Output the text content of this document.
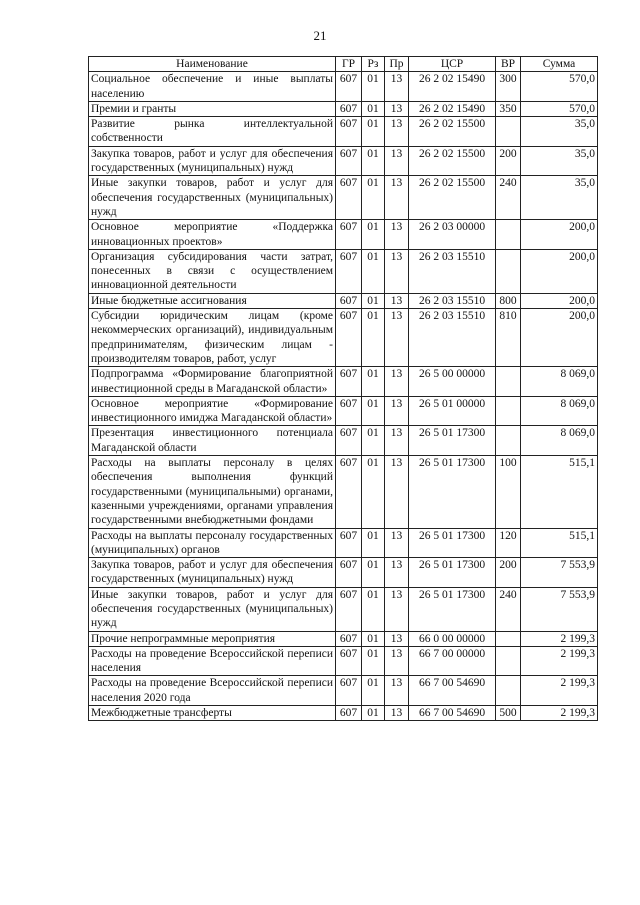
21
Наименование	ГР	Рз	Пр	ЦСР	ВР	Сумма
Социальное обеспечение и иные выплаты населению	607	01	13	26 2 02 15490	300	570,0
Премии и гранты	607	01	13	26 2 02 15490	350	570,0
Развитие рынка интеллектуальной собственности	607	01	13	26 2 02 15500		35,0
Закупка товаров, работ и услуг для обеспечения государственных (муниципальных) нужд	607	01	13	26 2 02 15500	200	35,0
Иные закупки товаров, работ и услуг для обеспечения государственных (муниципальных) нужд	607	01	13	26 2 02 15500	240	35,0
Основное мероприятие «Поддержка инновационных проектов»	607	01	13	26 2 03 00000		200,0
Организация субсидирования части затрат, понесенных в связи с осуществлением инновационной деятельности	607	01	13	26 2 03 15510		200,0
Иные бюджетные ассигнования	607	01	13	26 2 03 15510	800	200,0
Субсидии юридическим лицам (кроме некоммерческих организаций), индивидуальным предпринимателям, физическим лицам - производителям товаров, работ, услуг	607	01	13	26 2 03 15510	810	200,0
Подпрограмма «Формирование благоприятной инвестиционной среды в Магаданской области»	607	01	13	26 5 00 00000		8 069,0
Основное мероприятие «Формирование инвестиционного имиджа Магаданской области»	607	01	13	26 5 01 00000		8 069,0
Презентация инвестиционного потенциала Магаданской области	607	01	13	26 5 01 17300		8 069,0
Расходы на выплаты персоналу в целях обеспечения выполнения функций государственными (муниципальными) органами, казенными учреждениями, органами управления государственными внебюджетными фондами	607	01	13	26 5 01 17300	100	515,1
Расходы на выплаты персоналу государственных (муниципальных) органов	607	01	13	26 5 01 17300	120	515,1
Закупка товаров, работ и услуг для обеспечения государственных (муниципальных) нужд	607	01	13	26 5 01 17300	200	7 553,9
Иные закупки товаров, работ и услуг для обеспечения государственных (муниципальных) нужд	607	01	13	26 5 01 17300	240	7 553,9
Прочие непрограммные мероприятия	607	01	13	66 0 00 00000		2 199,3
Расходы на проведение Всероссийской переписи населения	607	01	13	66 7 00 00000		2 199,3
Расходы на проведение Всероссийской переписи населения 2020 года	607	01	13	66 7 00 54690		2 199,3
Межбюджетные трансферты	607	01	13	66 7 00 54690	500	2 199,3
